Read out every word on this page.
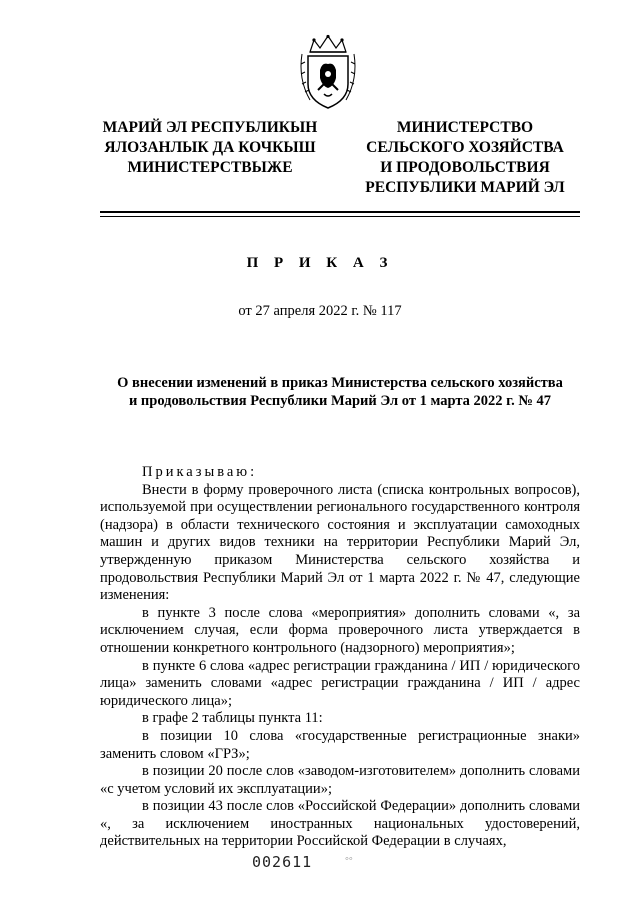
МАРИЙ ЭЛ РЕСПУБЛИКЫН
ЯЛОЗАНЛЫК ДА КОЧКЫШ
МИНИСТЕРСТВЫЖЕ
МИНИСТЕРСТВО
СЕЛЬСКОГО ХОЗЯЙСТВА
И ПРОДОВОЛЬСТВИЯ
РЕСПУБЛИКИ МАРИЙ ЭЛ
П Р И К А З
от 27 апреля 2022 г. № 117
О внесении изменений в приказ Министерства сельского хозяйства
и продовольствия Республики Марий Эл от 1 марта 2022 г. № 47

Приказываю:

Внести в форму проверочного листа (списка контрольных вопросов), используемой при осуществлении регионального государственного контроля (надзора) в области технического состояния и эксплуатации самоходных машин и других видов техники на территории Республики Марий Эл, утвержденную приказом Министерства сельского хозяйства и продовольствия Республики Марий Эл от 1 марта 2022 г. № 47, следующие изменения:

в пункте 3 после слова «мероприятия» дополнить словами «, за исключением случая, если форма проверочного листа утверждается в отношении конкретного контрольного (надзорного) мероприятия»;

в пункте 6 слова «адрес регистрации гражданина / ИП / юридического лица» заменить словами «адрес регистрации гражданина / ИП / адрес юридического лица»;

в графе 2 таблицы пункта 11:

в позиции 10 слова «государственные регистрационные знаки» заменить словом «ГРЗ»;

в позиции 20 после слов «заводом-изготовителем» дополнить словами «с учетом условий их эксплуатации»;

в позиции 43 после слов «Российской Федерации» дополнить словами «, за исключением иностранных национальных удостоверений, действительных на территории Российской Федерации в случаях,

002611	◦◦
